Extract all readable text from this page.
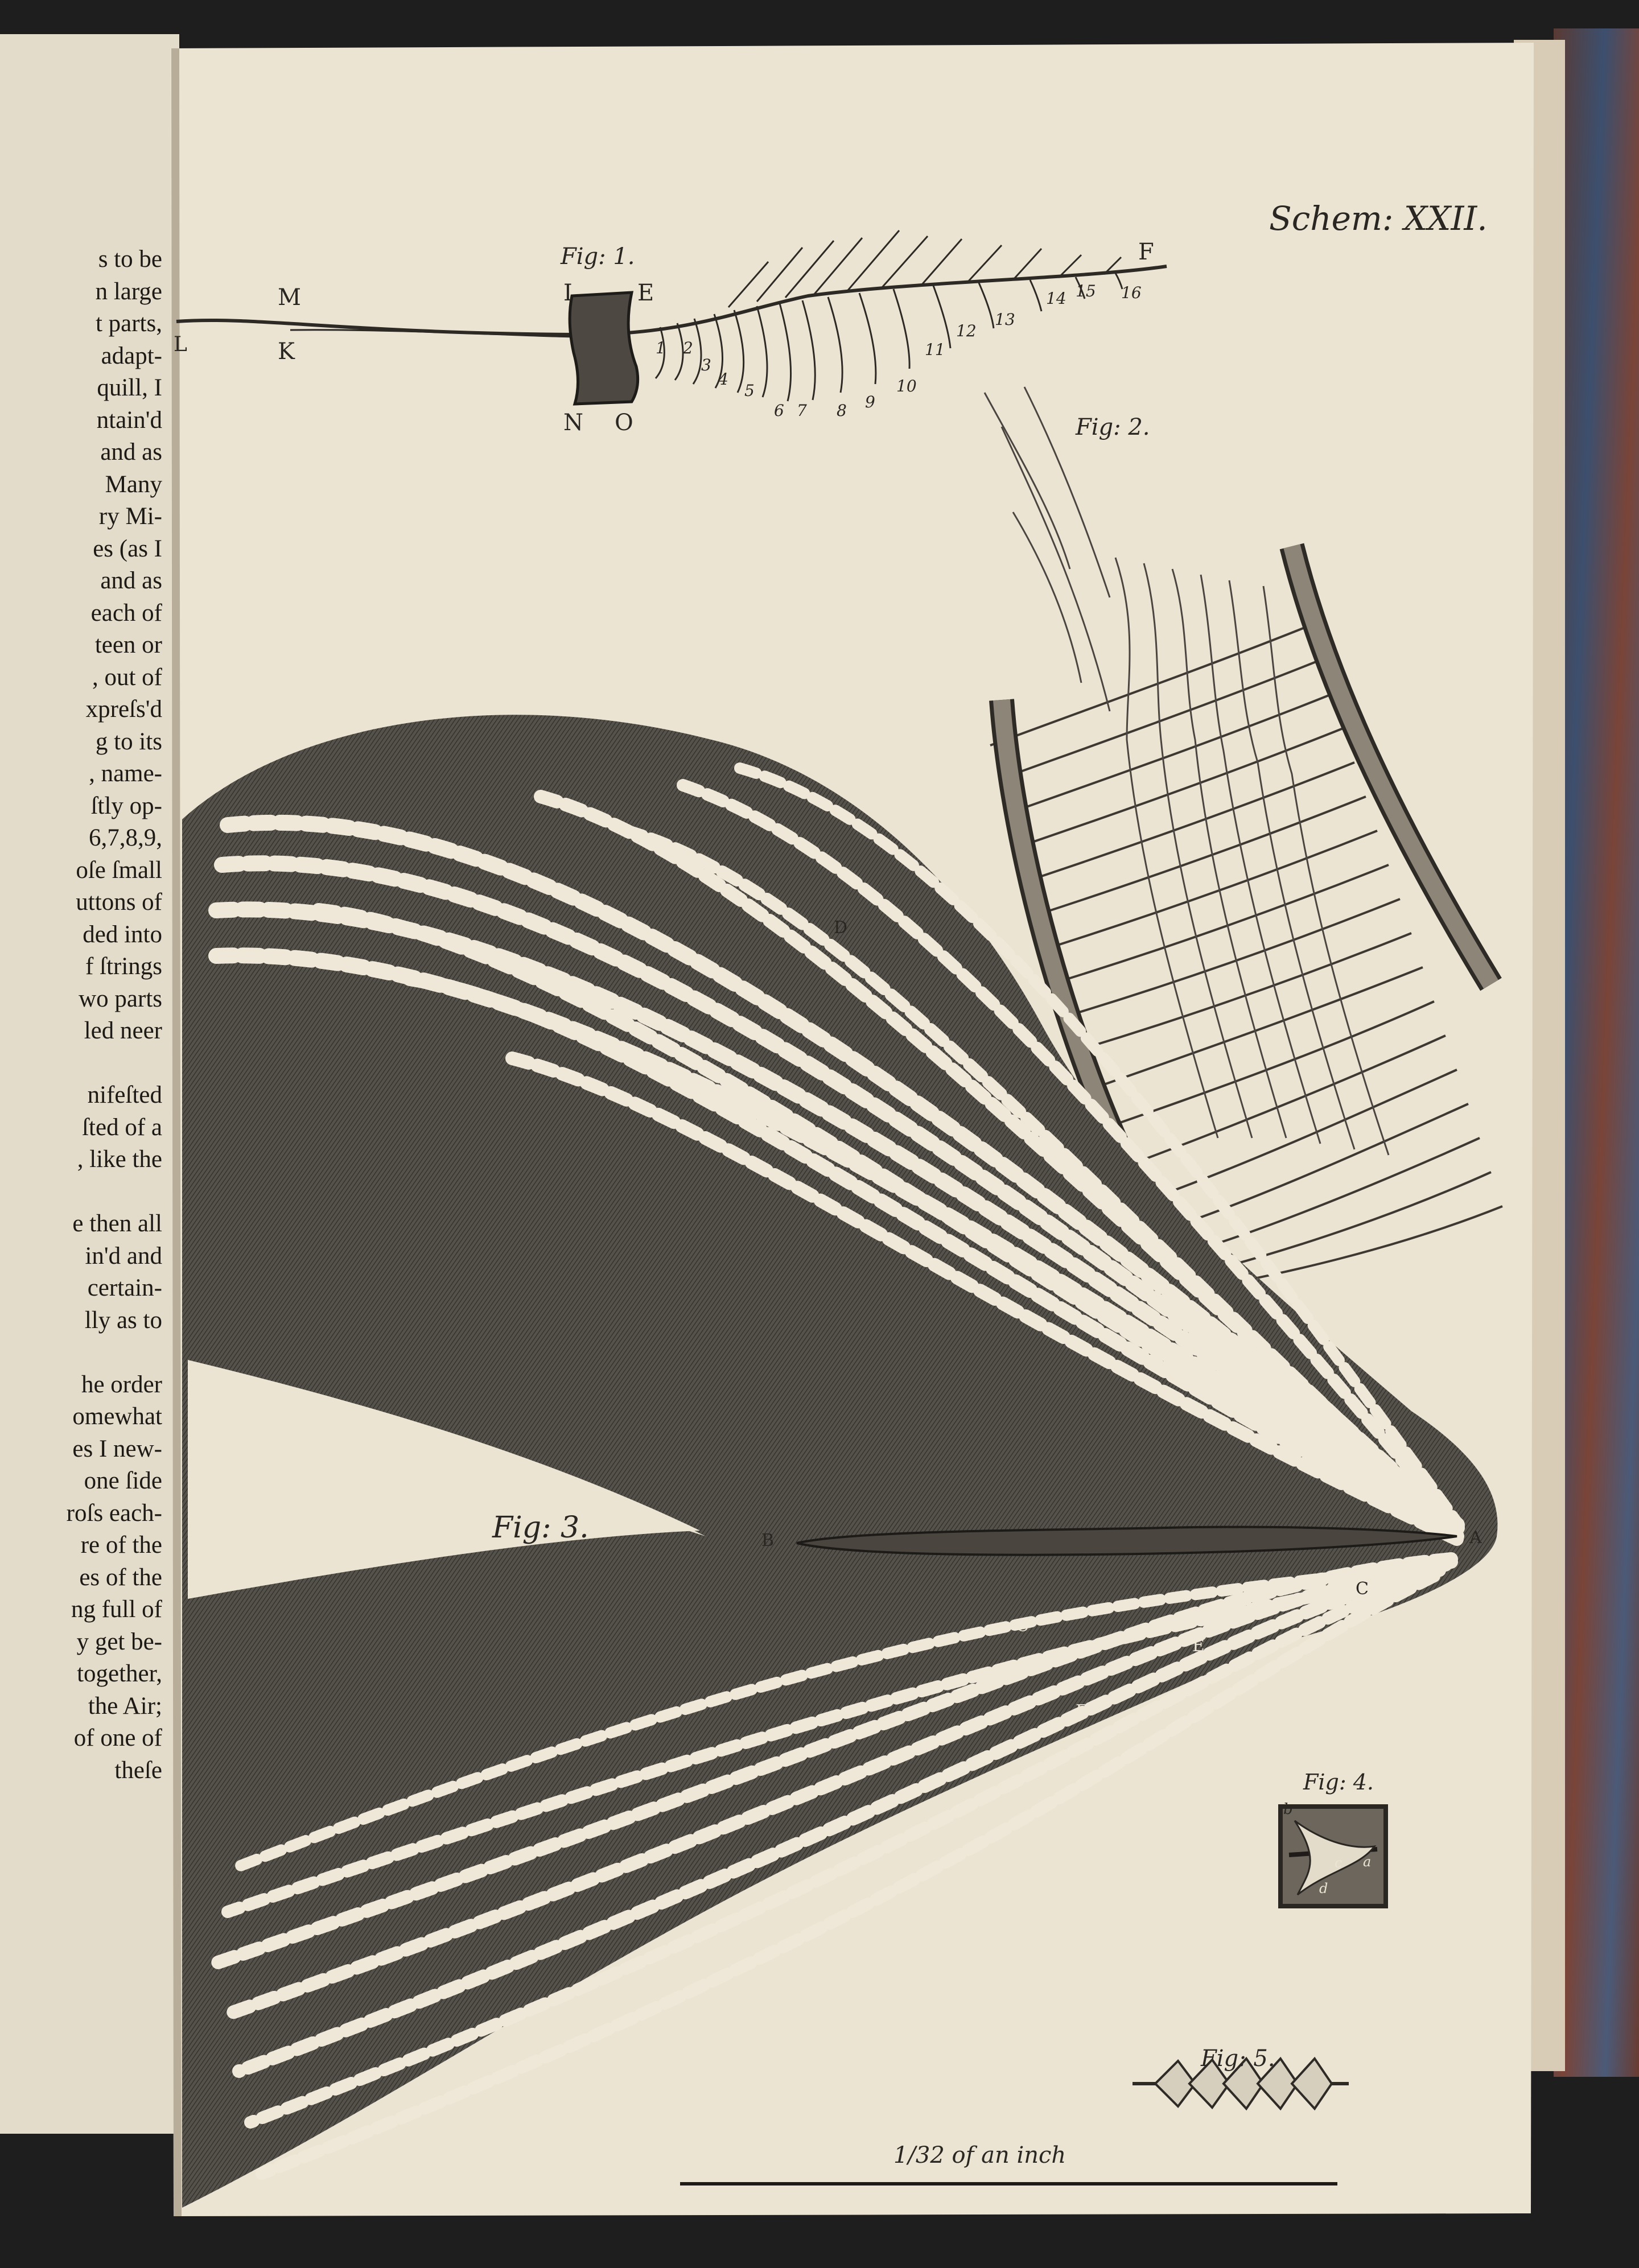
s to be
n large
t parts,
adapt-
quill, I
ntain'd
and as
Many
ry Mi-
es (as I
and as
each of
teen or
, out of
xpreſs'd
g to its
, name-
ſtly op-
6,7,8,9,
oſe ſmall
uttons of
ded into
f ſtrings
wo parts
led neer
nifeſted
ſted of a
, like the
e then all
in'd and
certain-
lly as to
he order
omewhat
es I new-
one ſide
roſs each-
re of the
es of the
ng full of
y get be-
together,
the Air;
of one of
theſe
Schem: XXII.
Fig: 1.
Fig: 2.
Fig: 3.
Fig: 4.
Fig: 5.
M
L	K
I	E
F
N O
1 2
3
4
5
6 7 8 9
10
11
12
13
14 15 16
D
B	A
C
C
C
E
E
b
c a
d
1/32 of an inch
